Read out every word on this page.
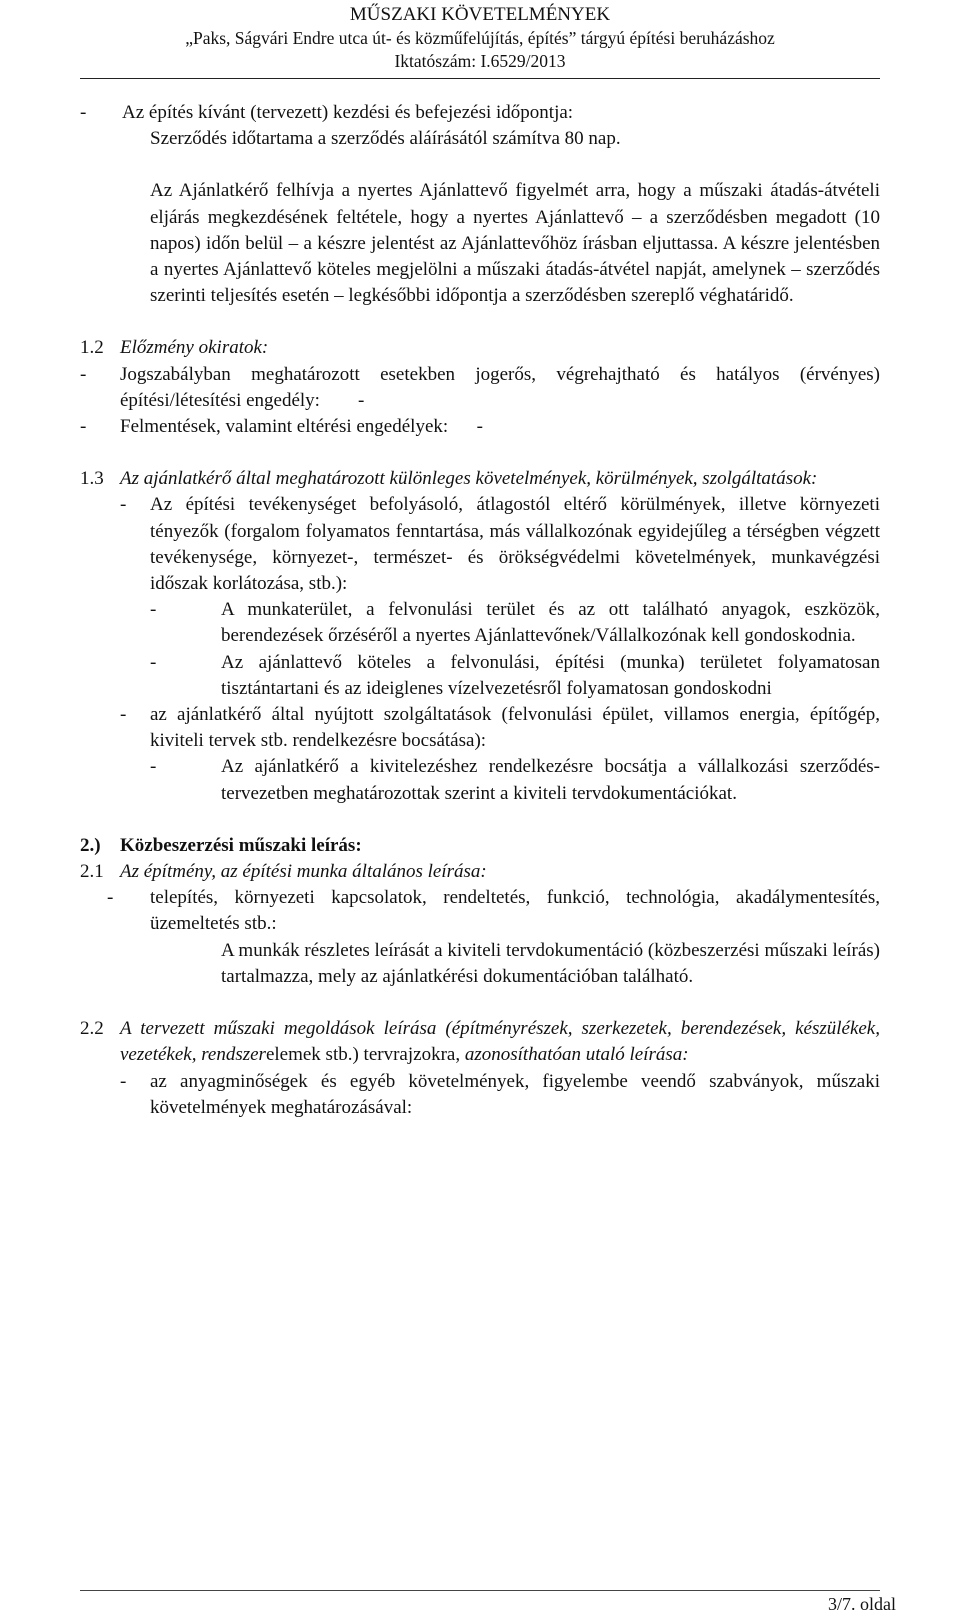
MŰSZAKI KÖVETELMÉNYEK
„Paks, Ságvári Endre utca út- és közműfelújítás, építés” tárgyú építési beruházáshoz
Iktatószám: I.6529/2013
- Az építés kívánt (tervezett) kezdési és befejezési időpontja:
Szerződés időtartama a szerződés aláírásától számítva 80 nap.
Az Ajánlatkérő felhívja a nyertes Ajánlattevő figyelmét arra, hogy a műszaki átadás-átvételi eljárás megkezdésének feltétele, hogy a nyertes Ajánlattevő – a szerződésben megadott (10 napos) időn belül – a készre jelentést az Ajánlattevőhöz írásban eljuttassa. A készre jelentésben a nyertes Ajánlattevő köteles megjelölni a műszaki átadás-átvétel napját, amelynek – szerződés szerinti teljesítés esetén – legkésőbbi időpontja a szerződésben szereplő véghatáridő.
1.2 Előzmény okiratok:
- Jogszabályban meghatározott esetekben jogerős, végrehajtható és hatályos (érvényes) építési/létesítési engedély:        -
- Felmentések, valamint eltérési engedélyek:      -
1.3 Az ajánlatkérő által meghatározott különleges követelmények, körülmények, szolgáltatások:
- Az építési tevékenységet befolyásoló, átlagostól eltérő körülmények, illetve környezeti tényezők (forgalom folyamatos fenntartása, más vállalkozónak egyidejűleg a térségben végzett tevékenysége, környezet-, természet- és örökségvédelmi követelmények, munkavégzési időszak korlátozása, stb.):
-	A munkaterület, a felvonulási terület és az ott található anyagok, eszközök, berendezések őrzéséről a nyertes Ajánlattevőnek/Vállalkozónak kell gondoskodnia.
-	Az ajánlattevő köteles a felvonulási, építési (munka) területet folyamatosan tisztántartani és az ideiglenes vízelvezetésről folyamatosan gondoskodni
- az ajánlatkérő által nyújtott szolgáltatások (felvonulási épület, villamos energia, építőgép, kiviteli tervek stb. rendelkezésre bocsátása):
-	Az ajánlatkérő a kivitelezéshez rendelkezésre bocsátja a vállalkozási szerződés-tervezetben meghatározottak szerint a kiviteli tervdokumentációkat.
2.) Közbeszerzési műszaki leírás:
2.1 Az építmény, az építési munka általános leírása:
- telepítés, környezeti kapcsolatok, rendeltetés, funkció, technológia, akadálymentesítés, üzemeltetés stb.:
A munkák részletes leírását a kiviteli tervdokumentáció (közbeszerzési műszaki leírás) tartalmazza, mely az ajánlatkérési dokumentációban található.
2.2 A tervezett műszaki megoldások leírása (építményrészek, szerkezetek, berendezések, készülékek, vezetékek, rendszerelemek stb.) tervrajzokra, azonosíthatóan utaló leírása:
- az anyagminőségek és egyéb követelmények, figyelembe veendő szabványok, műszaki követelmények meghatározásával:
3/7. oldal
